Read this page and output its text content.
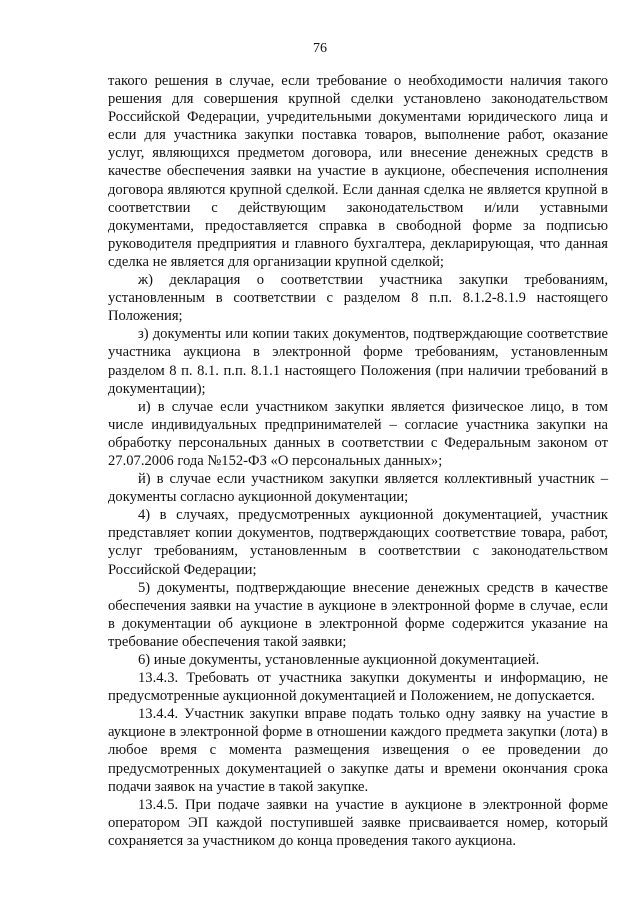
76

такого решения в случае, если требование о необходимости наличия такого решения для совершения крупной сделки установлено законодательством Российской Федерации, учредительными документами юридического лица и если для участника закупки поставка товаров, выполнение работ, оказание услуг, являющихся предметом договора, или внесение денежных средств в качестве обеспечения заявки на участие в аукционе, обеспечения исполнения договора являются крупной сделкой. Если данная сделка не является крупной в соответствии с действующим законодательством и/или уставными документами, предоставляется справка в свободной форме за подписью руководителя предприятия и главного бухгалтера, декларирующая, что данная сделка не является для организации крупной сделкой;

ж) декларация о соответствии участника закупки требованиям, установленным в соответствии с разделом 8 п.п. 8.1.2-8.1.9 настоящего Положения;

з) документы или копии таких документов, подтверждающие соответствие участника аукциона в электронной форме требованиям, установленным разделом 8 п. 8.1. п.п. 8.1.1 настоящего Положения (при наличии требований в документации);

и) в случае если участником закупки является физическое лицо, в том числе индивидуальных предпринимателей – согласие участника закупки на обработку персональных данных в соответствии с Федеральным законом от 27.07.2006 года №152-ФЗ «О персональных данных»;

й) в случае если участником закупки является коллективный участник – документы согласно аукционной документации;

4) в случаях, предусмотренных аукционной документацией, участник представляет копии документов, подтверждающих соответствие товара, работ, услуг требованиям, установленным в соответствии с законодательством Российской Федерации;

5) документы, подтверждающие внесение денежных средств в качестве обеспечения заявки на участие в аукционе в электронной форме в случае, если в документации об аукционе в электронной форме содержится указание на требование обеспечения такой заявки;

6) иные документы, установленные аукционной документацией.

13.4.3. Требовать от участника закупки документы и информацию, не предусмотренные аукционной документацией и Положением, не допускается.

13.4.4. Участник закупки вправе подать только одну заявку на участие в аукционе в электронной форме в отношении каждого предмета закупки (лота) в любое время с момента размещения извещения о ее проведении до предусмотренных документацией о закупке даты и времени окончания срока подачи заявок на участие в такой закупке.

13.4.5. При подаче заявки на участие в аукционе в электронной форме оператором ЭП каждой поступившей заявке присваивается номер, который сохраняется за участником до конца проведения такого аукциона.
